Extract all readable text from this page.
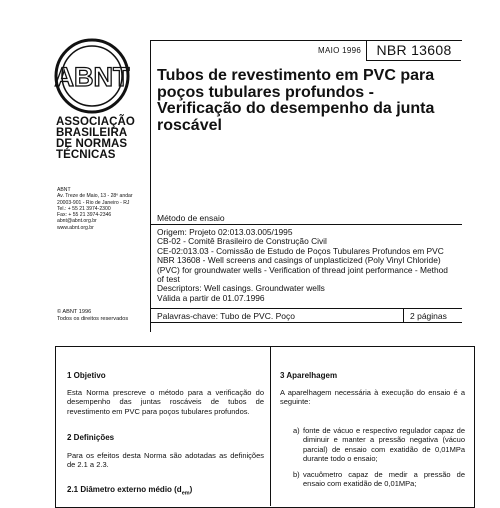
ABNT
ASSOCIAÇÃO
BRASILEIRA
DE NORMAS
TÉCNICAS
ABNT
Av. Treze de Maio, 13 - 28º andar
20003-901 - Rio de Janeiro - RJ
Tel.: + 55 21 3974-2300
Fax: + 55 21 3974-2346
abnt@abnt.org.br
www.abnt.org.br
© ABNT 1996
Todos os direitos reservados
MAIO 1996	NBR 13608
Tubos de revestimento em PVC para poços tubulares profundos - Verificação do desempenho da junta roscável
Método de ensaio
Origem: Projeto 02:013.03.005/1995
CB-02 - Comitê Brasileiro de Construção Civil
CE-02:013.03 - Comissão de Estudo de Poços Tubulares Profundos em PVC
NBR 13608 - Well screens and casings of unplasticized (Poly Vinyl Chloride)
(PVC) for groundwater wells - Verification of thread joint performance - Method
of test
Descriptors: Well casings. Groundwater wells
Válida a partir de 01.07.1996
Palavras-chave: Tubo de PVC. Poço	2 páginas
1 Objetivo
Esta Norma prescreve o método para a verificação do desempenho das juntas roscáveis de tubos de revestimento em PVC para poços tubulares profundos.
2 Definições
Para os efeitos desta Norma são adotadas as definições de 2.1 a 2.3.
2.1 Diâmetro externo médio $(d_{em})$
3 Aparelhagem
A aparelhagem necessária à execução do ensaio é a seguinte:
a) fonte de vácuo e respectivo regulador capaz de diminuir e manter a pressão negativa (vácuo parcial) de ensaio com exatidão de 0,01MPa durante todo o ensaio;
b) vacuômetro capaz de medir a pressão de ensaio com exatidão de 0,01MPa;
